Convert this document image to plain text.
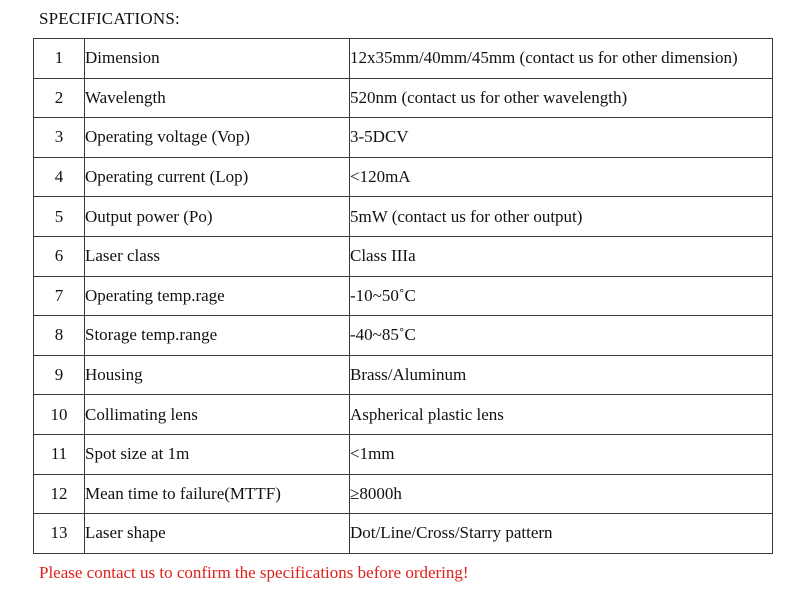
SPECIFICATIONS:
1	Dimension	12x35mm/40mm/45mm (contact us for other dimension)
2	Wavelength	520nm (contact us for other wavelength)
3	Operating voltage (Vop)	3-5DCV
4	Operating current (Lop)	<120mA
5	Output power (Po)	5mW (contact us for other output)
6	Laser class	Class IIIa
7	Operating temp.rage	-10~50˚C
8	Storage temp.range	-40~85˚C
9	Housing	Brass/Aluminum
10	Collimating lens	Aspherical plastic lens
11	Spot size at 1m	<1mm
12	Mean time to failure(MTTF)	≥8000h
13	Laser shape	Dot/Line/Cross/Starry pattern
Please contact us to confirm the specifications before ordering!
